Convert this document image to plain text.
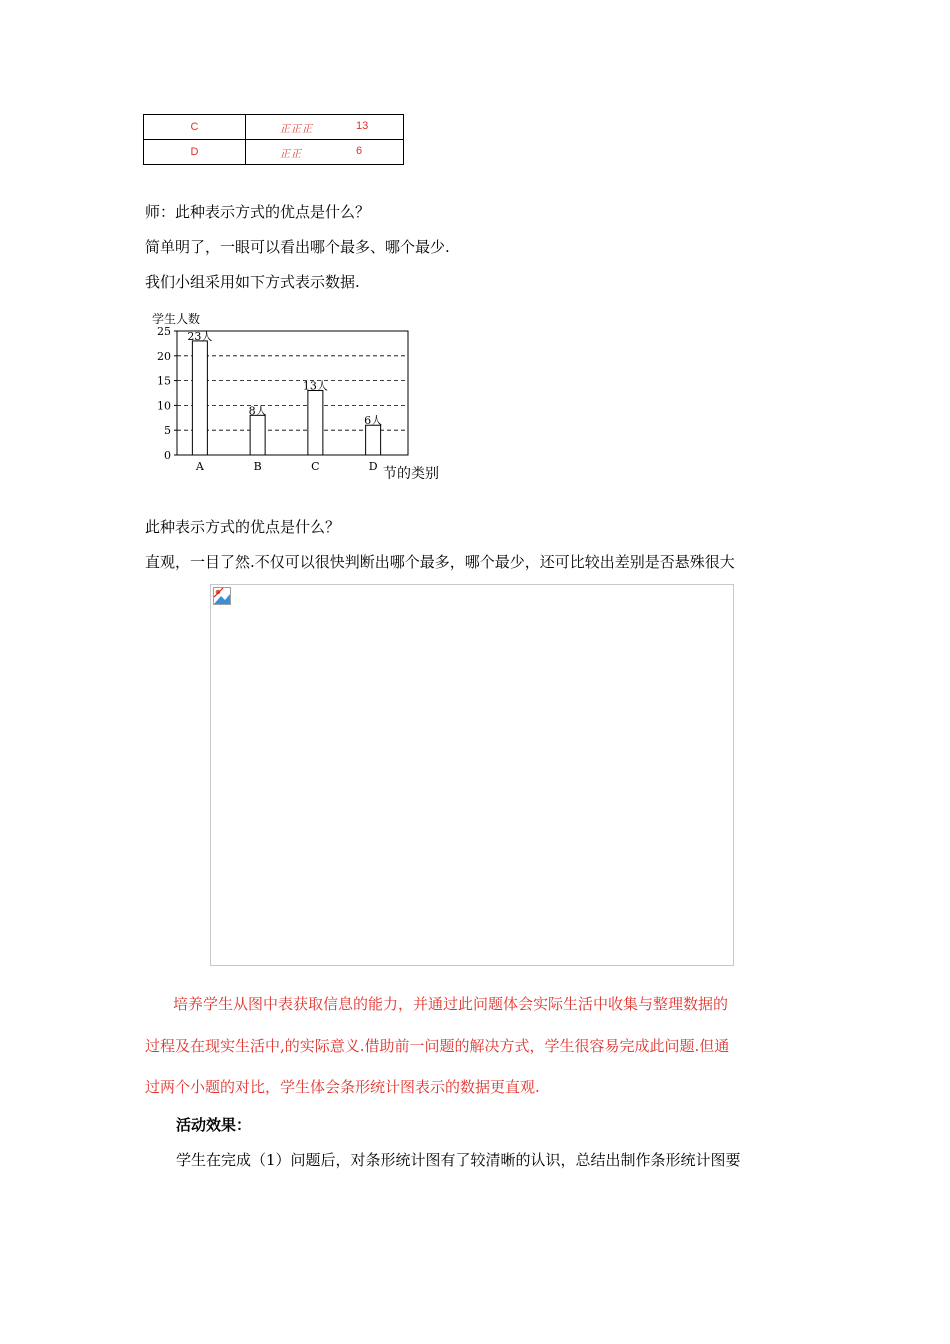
C	正正正 13

D	正正 6
师：此种表示方式的优点是什么？
简单明了，一眼可以看出哪个最多、哪个最少.
我们小组采用如下方式表示数据.
学生人数
0
5
10
15
20
25 23人
A
8人
B
13人
C
6人
D 节的类别
此种表示方式的优点是什么？
直观，一目了然.不仅可以很快判断出哪个最多，哪个最少，还可比较出差别是否悬殊很大
培养学生从图中表获取信息的能力，并通过此问题体会实际生活中收集与整理数据的
过程及在现实生活中,的实际意义.借助前一问题的解决方式，学生很容易完成此问题.但通
过两个小题的对比，学生体会条形统计图表示的数据更直观.
活动效果：
学生在完成（1）问题后，对条形统计图有了较清晰的认识，总结出制作条形统计图要
